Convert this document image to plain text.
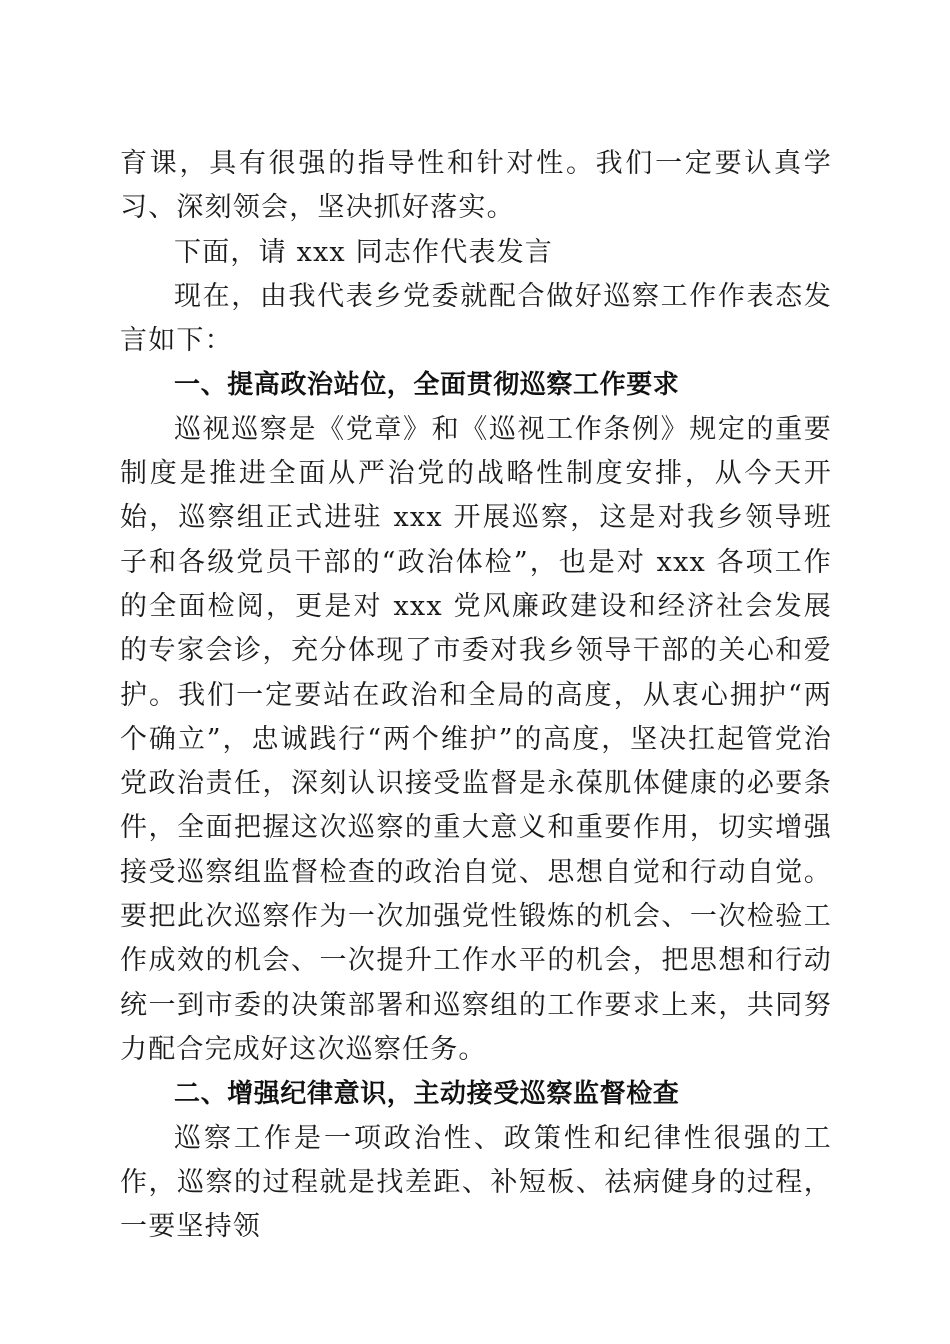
育课，具有很强的指导性和针对性。我们一定要认真学习、深刻领会，坚决抓好落实。

下面，请 xxx 同志作代表发言

现在，由我代表乡党委就配合做好巡察工作作表态发言如下：

一、提高政治站位，全面贯彻巡察工作要求

巡视巡察是《党章》和《巡视工作条例》规定的重要制度是推进全面从严治党的战略性制度安排，从今天开始，巡察组正式进驻 xxx 开展巡察，这是对我乡领导班子和各级党员干部的“政治体检”，也是对 xxx 各项工作的全面检阅，更是对 xxx 党风廉政建设和经济社会发展的专家会诊，充分体现了市委对我乡领导干部的关心和爱护。我们一定要站在政治和全局的高度，从衷心拥护“两个确立”，忠诚践行“两个维护”的高度，坚决扛起管党治党政治责任，深刻认识接受监督是永葆肌体健康的必要条件，全面把握这次巡察的重大意义和重要作用，切实增强接受巡察组监督检查的政治自觉、思想自觉和行动自觉。要把此次巡察作为一次加强党性锻炼的机会、一次检验工作成效的机会、一次提升工作水平的机会，把思想和行动统一到市委的决策部署和巡察组的工作要求上来，共同努力配合完成好这次巡察任务。

二、增强纪律意识，主动接受巡察监督检查

巡察工作是一项政治性、政策性和纪律性很强的工作，巡察的过程就是找差距、补短板、祛病健身的过程，一要坚持领
